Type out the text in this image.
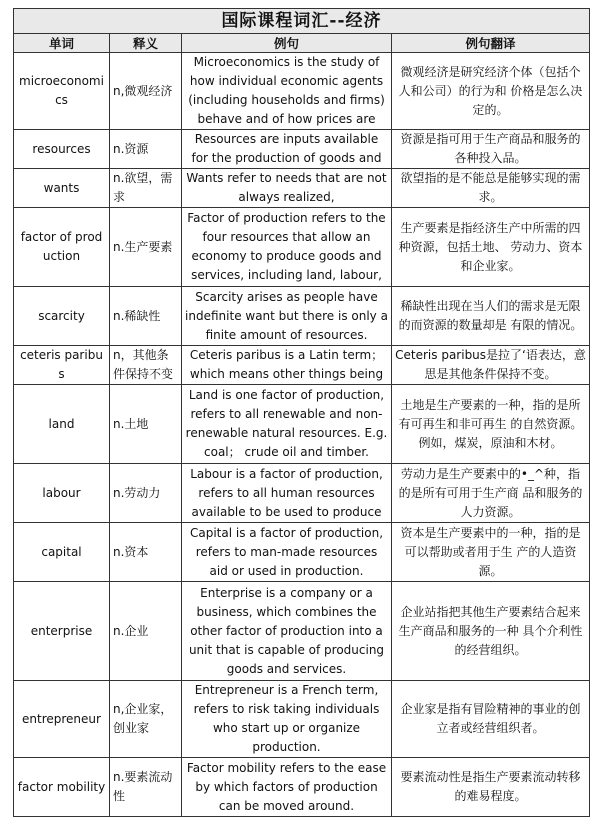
国际课程词汇--经济			
单词	释义	例句	例句翻译
microeconomics	n,微观经济	Microeconomics is the study of how individual economic agents (including households and firms) behave and of how prices are	微观经济是研究经济个体（包括个人和公司）的行为和 价格是怎么决定的。
resources	n.资源	Resources are inputs available for the production of goods and	资源是指可用于生产商品和服务的各种投入品。
wants	n.欲望，需求	Wants refer to needs that are not always realized,	欲望指的是不能总是能够实现的需求。
factor of production	n.生产要素	Factor of production refers to the four resources that allow an economy to produce goods and services, including land, labour,	生产要素是指经济生产中所需的四种资源，包括土地、 劳动力、资本和企业家。
scarcity	n.稀缺性	Scarcity arises as people have indefinite want but there is only a finite amount of resources.	稀缺性出现在当人们的需求是无限的而资源的数量却是 有限的情况。
ceteris paribus	n，其他条件保持不变	Ceteris paribus is a Latin term； which means other things being	Ceteris paribus是拉了‘语表达，意思是其他条件保持不变。
land	n.土地	Land is one factor of production, refers to all renewable and non-renewable natural resources. E.g. coal； crude oil and timber.	土地是生产要素的一种，指的是所有可再生和非可再生 的自然资源。例如，煤炭，原油和木材。
labour	n.劳动力	Labour is a factor of production, refers to all human resources available to be used to produce	劳动力是生产要素中的•_^种，指的是所有可用于生产商 品和服务的人力资源。
capital	n.资本	Capital is a factor of production, refers to man-made resources aid or used in production.	资本是生产要素中的一种，指的是可以帮助或者用于生 产的人造资源。
enterprise	n.企业	Enterprise is a company or a business, which combines the other factor of production into a unit that is capable of producing goods and services.	企业站指把其他生产要素结合起来生产商品和服务的一种 具个介利性的经营组织。
entrepreneur	n,企业家，创业家	Entrepreneur is a French term, refers to risk taking individuals who start up or organize production.	企业家是指有冒险精神的事业的创立者或经营组织者。
factor mobility	n.要素流动性	Factor mobility refers to the ease by which factors of production can be moved around.	要素流动性是指生产要素流动转移的难易程度。
